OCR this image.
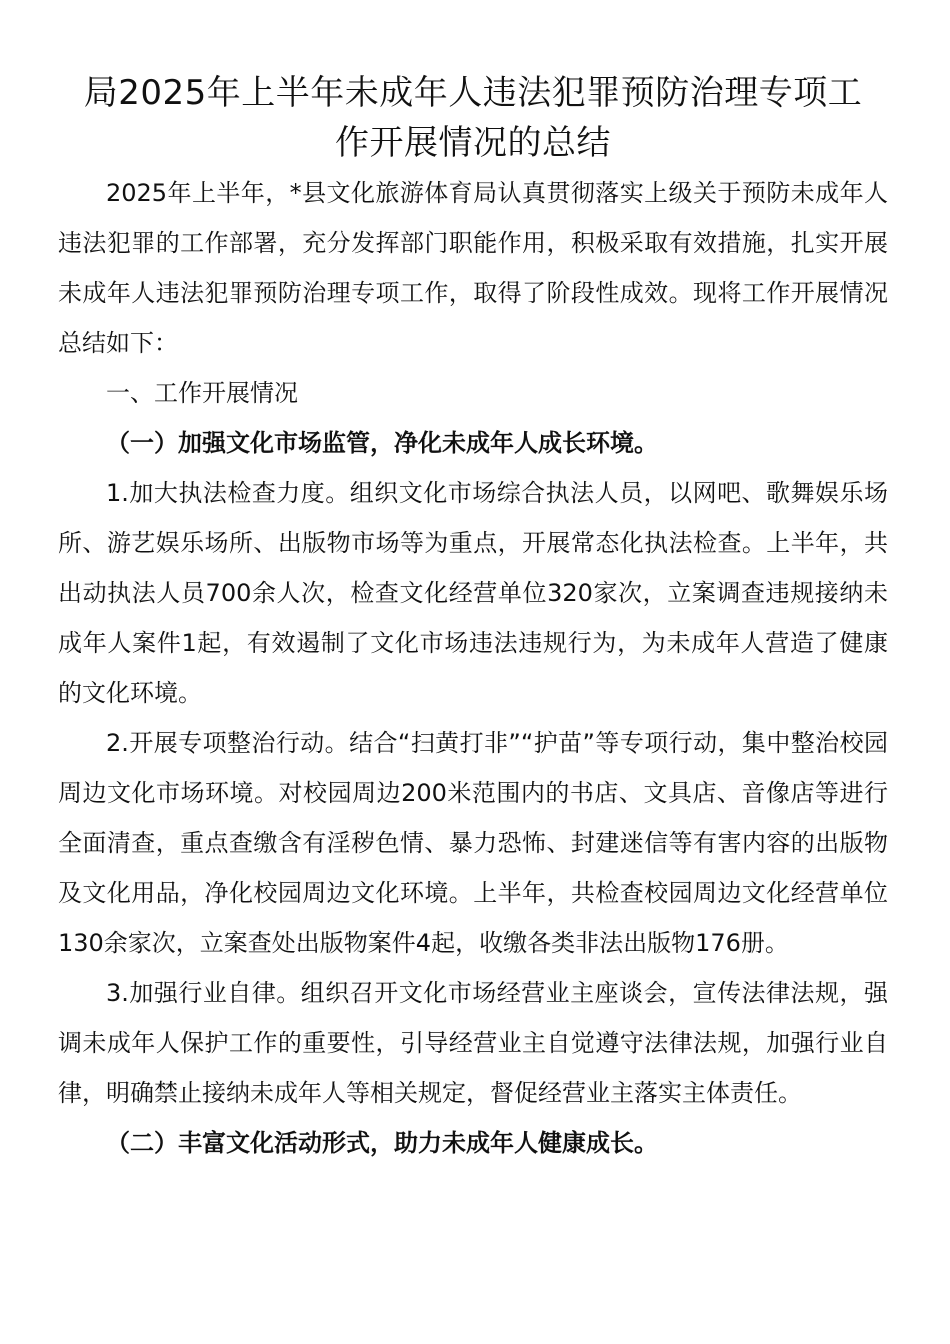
局2025年上半年未成年人违法犯罪预防治理专项工
作开展情况的总结

2025年上半年，*县文化旅游体育局认真贯彻落实上级关于预防未成年人违法犯罪的工作部署，充分发挥部门职能作用，积极采取有效措施，扎实开展未成年人违法犯罪预防治理专项工作，取得了阶段性成效。现将工作开展情况总结如下：

一、工作开展情况

（一）加强文化市场监管，净化未成年人成长环境。

1.加大执法检查力度。组织文化市场综合执法人员，以网吧、歌舞娱乐场所、游艺娱乐场所、出版物市场等为重点，开展常态化执法检查。上半年，共出动执法人员700余人次，检查文化经营单位320家次，立案调查违规接纳未成年人案件1起，有效遏制了文化市场违法违规行为，为未成年人营造了健康的文化环境。

2.开展专项整治行动。结合“扫黄打非”“护苗”等专项行动，集中整治校园周边文化市场环境。对校园周边200米范围内的书店、文具店、音像店等进行全面清查，重点查缴含有淫秽色情、暴力恐怖、封建迷信等有害内容的出版物及文化用品，净化校园周边文化环境。上半年，共检查校园周边文化经营单位130余家次，立案查处出版物案件4起，收缴各类非法出版物176册。

3.加强行业自律。组织召开文化市场经营业主座谈会，宣传法律法规，强调未成年人保护工作的重要性，引导经营业主自觉遵守法律法规，加强行业自律，明确禁止接纳未成年人等相关规定，督促经营业主落实主体责任。

（二）丰富文化活动形式，助力未成年人健康成长。
